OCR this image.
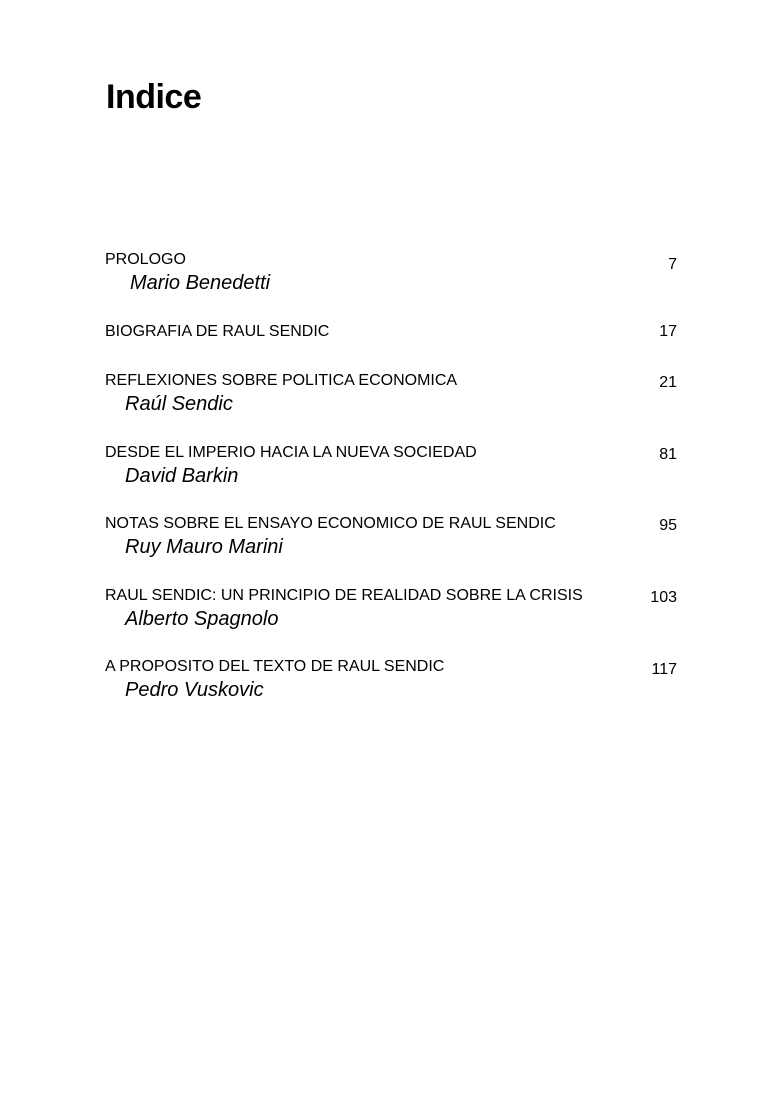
Indice
PROLOGO
Mario Benedetti
7
BIOGRAFIA DE RAUL SENDIC	17
REFLEXIONES SOBRE POLITICA ECONOMICA
Raúl Sendic
21
DESDE EL IMPERIO HACIA LA NUEVA SOCIEDAD
David Barkin
81
NOTAS SOBRE EL ENSAYO ECONOMICO DE RAUL SENDIC
Ruy Mauro Marini
95
RAUL SENDIC: UN PRINCIPIO DE REALIDAD SOBRE LA CRISIS
Alberto Spagnolo
103
A PROPOSITO DEL TEXTO DE RAUL SENDIC
Pedro Vuskovic
117
